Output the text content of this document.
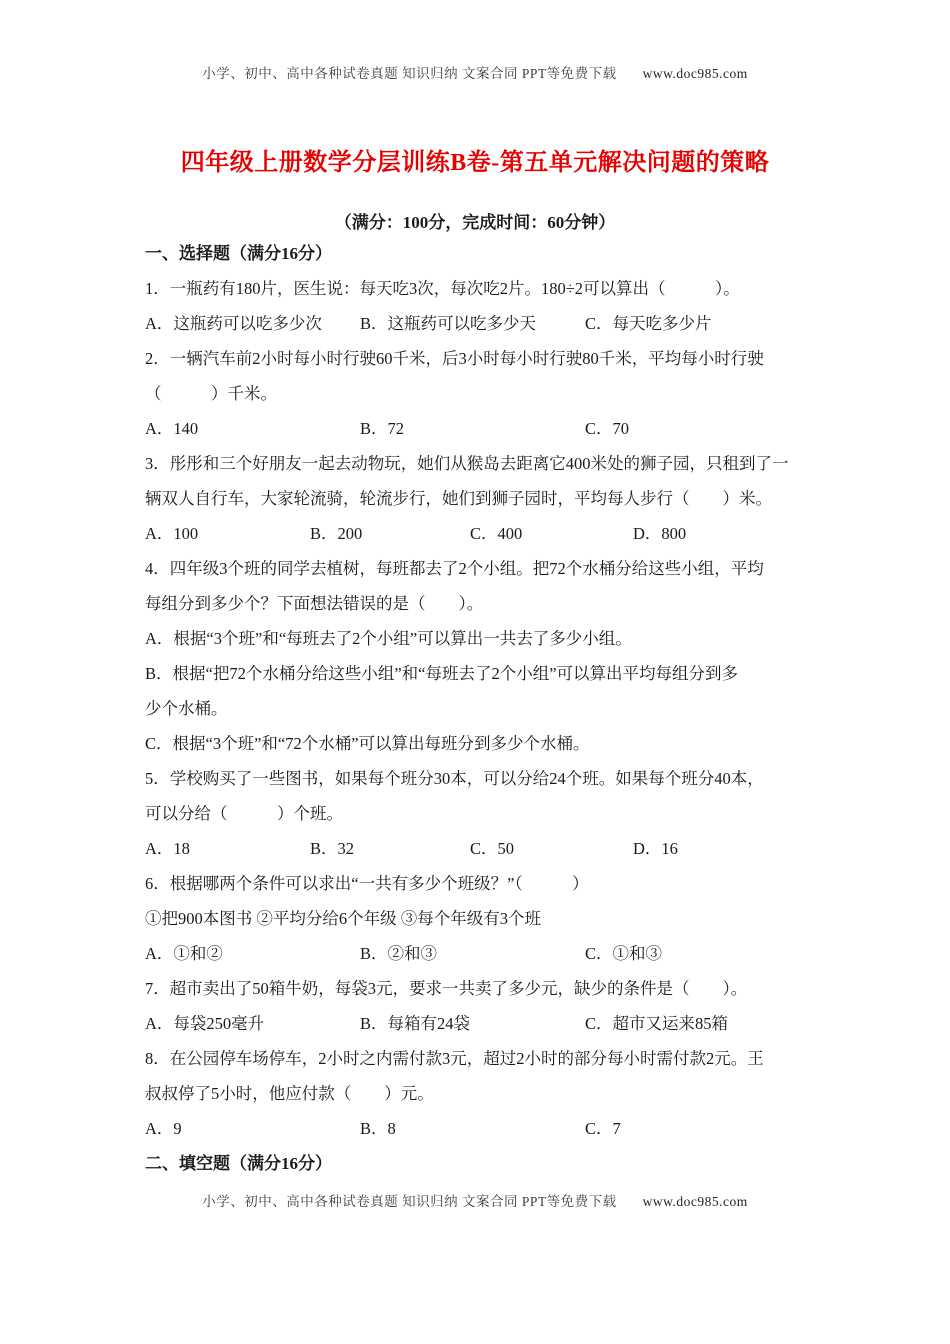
小学、初中、高中各种试卷真题 知识归纳 文案合同 PPT等免费下载 www.doc985.com
四年级上册数学分层训练B卷-第五单元解决问题的策略
（满分：100分，完成时间：60分钟）
一、选择题（满分16分）
1．一瓶药有180片，医生说：每天吃3次，每次吃2片。180÷2可以算出（　　　）。
A．这瓶药可以吃多少次	B．这瓶药可以吃多少天	C．每天吃多少片
2．一辆汽车前2小时每小时行驶60千米，后3小时每小时行驶80千米，平均每小时行驶
（　　　）千米。
A．140	B．72	C．70
3．彤彤和三个好朋友一起去动物玩，她们从猴岛去距离它400米处的狮子园，只租到了一
辆双人自行车，大家轮流骑，轮流步行，她们到狮子园时，平均每人步行（　　）米。
A．100	B．200	C．400	D．800
4．四年级3个班的同学去植树，每班都去了2个小组。把72个水桶分给这些小组，平均
每组分到多少个？下面想法错误的是（　　）。
A．根据“3个班”和“每班去了2个小组”可以算出一共去了多少小组。
B．根据“把72个水桶分给这些小组”和“每班去了2个小组”可以算出平均每组分到多
少个水桶。
C．根据“3个班”和“72个水桶”可以算出每班分到多少个水桶。
5．学校购买了一些图书，如果每个班分30本，可以分给24个班。如果每个班分40本，
可以分给（　　　）个班。
A．18	B．32	C．50	D．16
6．根据哪两个条件可以求出“一共有多少个班级？”（　　　）
①把900本图书 ②平均分给6个年级 ③每个年级有3个班
A．①和②	B．②和③	C．①和③
7．超市卖出了50箱牛奶，每袋3元，要求一共卖了多少元，缺少的条件是（　　）。
A．每袋250毫升	B．每箱有24袋	C．超市又运来85箱
8．在公园停车场停车，2小时之内需付款3元，超过2小时的部分每小时需付款2元。王
叔叔停了5小时，他应付款（　　）元。
A．9	B．8	C．7
二、填空题（满分16分）
小学、初中、高中各种试卷真题 知识归纳 文案合同 PPT等免费下载 www.doc985.com
